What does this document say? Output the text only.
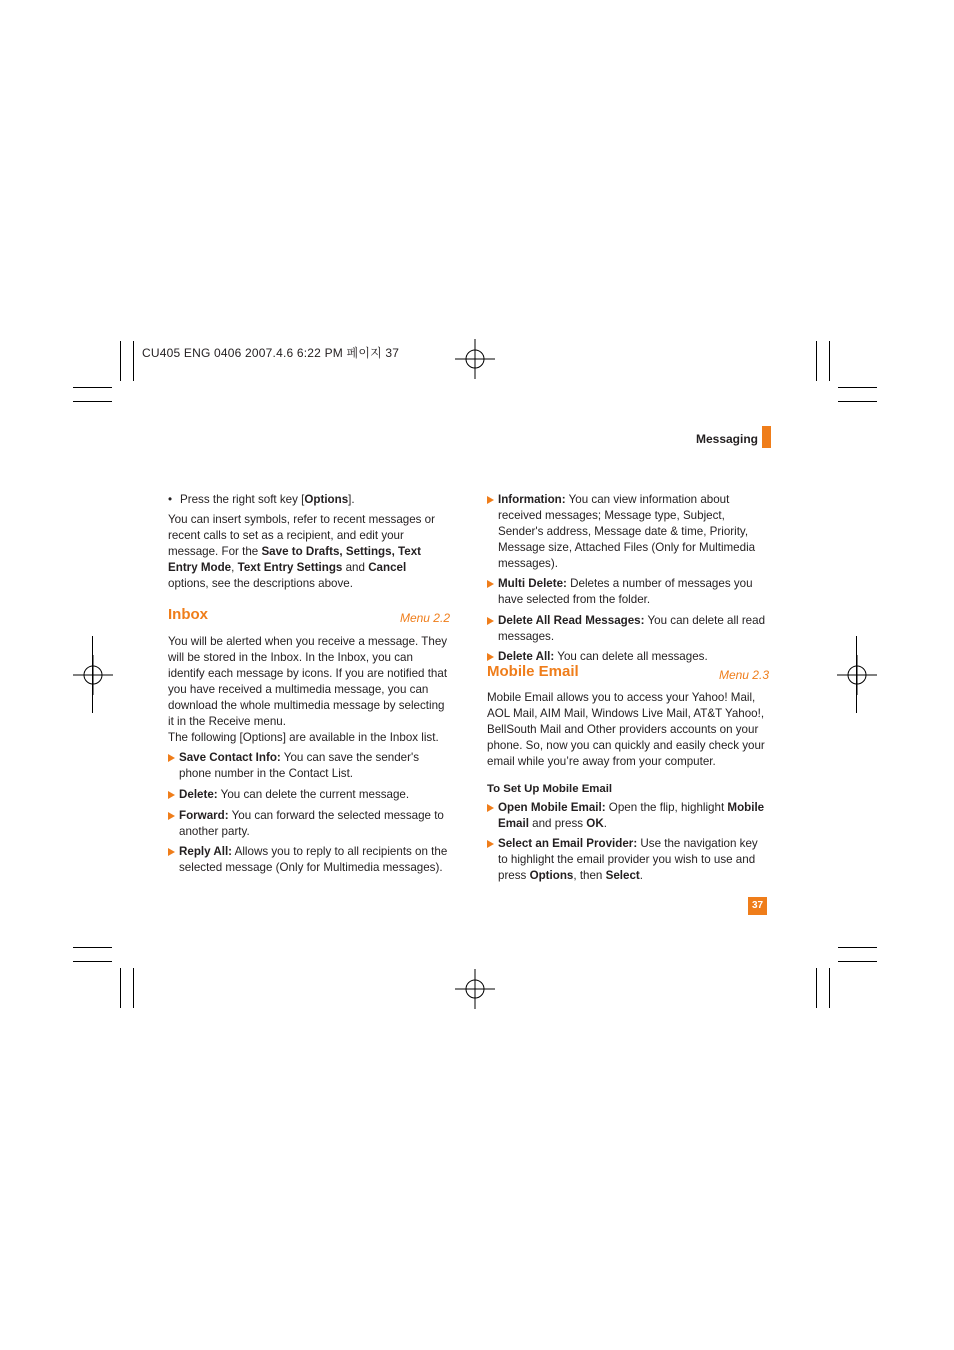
CU405 ENG 0406 2007.4.6 6:22 PM 페이지 37
Messaging
• Press the right soft key [Options].

You can insert symbols, refer to recent messages or recent calls to set as a recipient, and edit your message. For the Save to Drafts, Settings, Text Entry Mode, Text Entry Settings and Cancel options, see the descriptions above.

Inbox	Menu 2.2

You will be alerted when you receive a message. They will be stored in the Inbox. In the Inbox, you can identify each message by icons. If you are notified that you have received a multimedia message, you can download the whole multimedia message by selecting it in the Receive menu.

The following [Options] are available in the Inbox list.

Save Contact Info: You can save the sender's phone number in the Contact List.
Delete: You can delete the current message.
Forward: You can forward the selected message to another party.
Reply All: Allows you to reply to all recipients on the selected message (Only for Multimedia messages).
Information: You can view information about received messages; Message type, Subject, Sender's address, Message date & time, Priority, Message size, Attached Files (Only for Multimedia messages).
Multi Delete: Deletes a number of messages you have selected from the folder.
Delete All Read Messages: You can delete all read messages.
Delete All: You can delete all messages.
Mobile Email	Menu 2.3

Mobile Email allows you to access your Yahoo! Mail, AOL Mail, AIM Mail, Windows Live Mail, AT&T Yahoo!, BellSouth Mail and Other providers accounts on your phone. So, now you can quickly and easily check your email while you’re away from your computer.

To Set Up Mobile Email

Open Mobile Email: Open the flip, highlight Mobile Email and press OK.
Select an Email Provider: Use the navigation key to highlight the email provider you wish to use and press Options, then Select.
37
